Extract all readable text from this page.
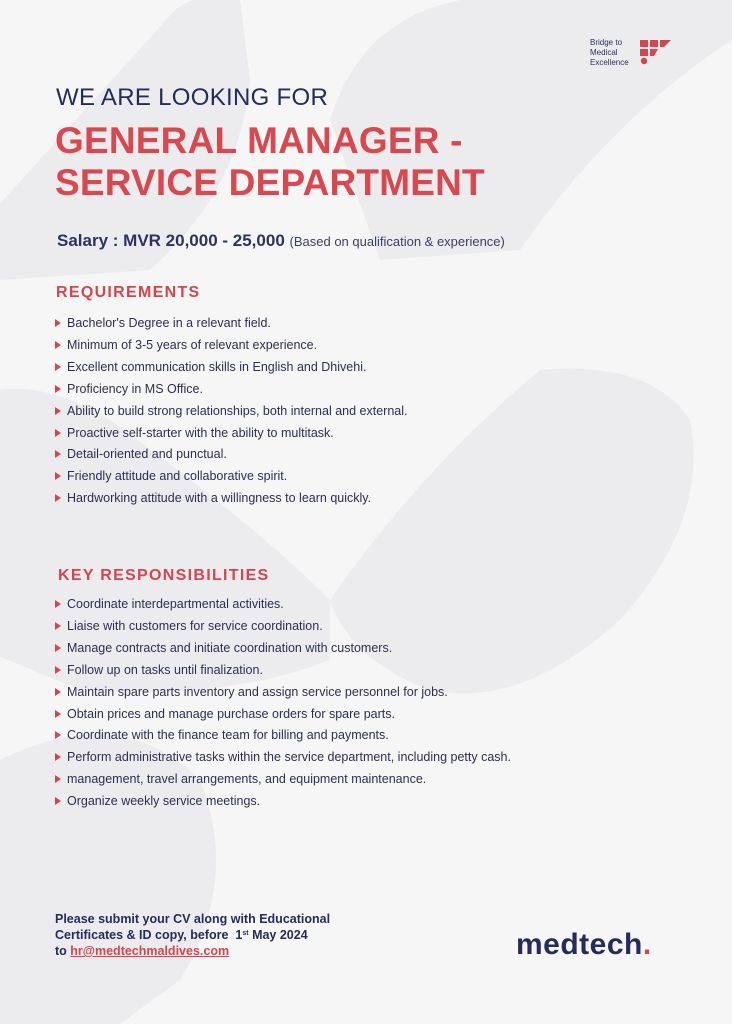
Bridge to
Medical
Excellence
WE ARE LOOKING FOR
GENERAL MANAGER -
SERVICE DEPARTMENT
Salary : MVR 20,000 - 25,000 (Based on qualification & experience)
REQUIREMENTS
Bachelor's Degree in a relevant field.
Minimum of 3-5 years of relevant experience.
Excellent communication skills in English and Dhivehi.
Proficiency in MS Office.
Ability to build strong relationships, both internal and external.
Proactive self-starter with the ability to multitask.
Detail-oriented and punctual.
Friendly attitude and collaborative spirit.
Hardworking attitude with a willingness to learn quickly.
KEY RESPONSIBILITIES
Coordinate interdepartmental activities.
Liaise with customers for service coordination.
Manage contracts and initiate coordination with customers.
Follow up on tasks until finalization.
Maintain spare parts inventory and assign service personnel for jobs.
Obtain prices and manage purchase orders for spare parts.
Coordinate with the finance team for billing and payments.
Perform administrative tasks within the service department, including petty cash.
management, travel arrangements, and equipment maintenance.
Organize weekly service meetings.
Please submit your CV along with Educational
Certificates & ID copy, before 1st May 2024
to hr@medtechmaldives.com	medtech.
